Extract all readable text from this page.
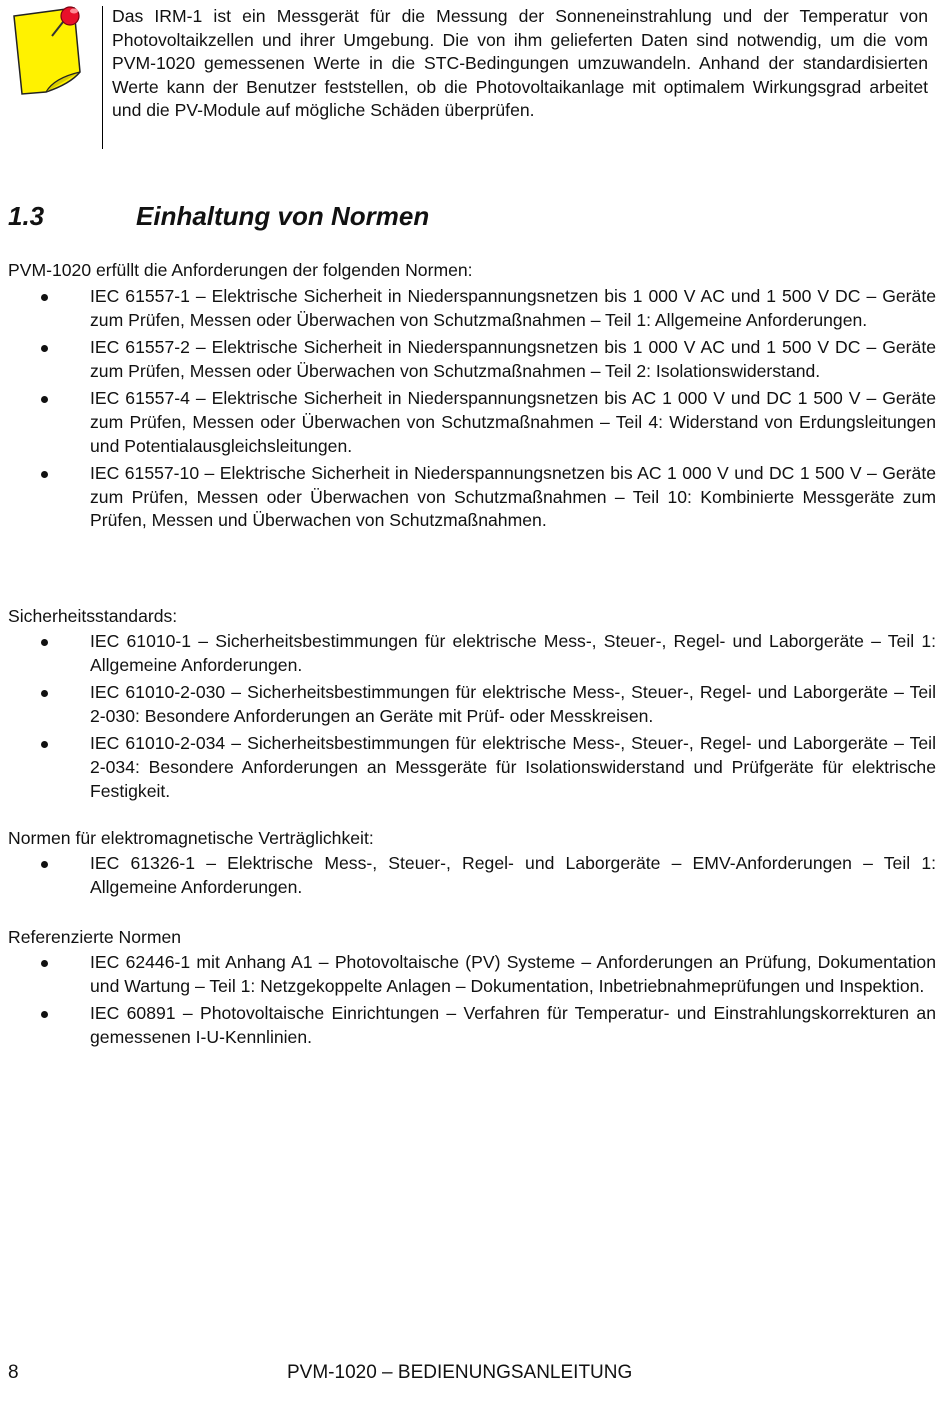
Das IRM-1 ist ein Messgerät für die Messung der Sonneneinstrahlung und der Temperatur von Photovoltaikzellen und ihrer Umgebung. Die von ihm gelieferten Daten sind notwendig, um die vom PVM-1020 gemessenen Werte in die STC-Bedingungen umzuwandeln. Anhand der standardisierten Werte kann der Benutzer feststellen, ob die Photovoltaikanlage mit optimalem Wirkungsgrad arbeitet und die PV-Module auf mögliche Schäden überprüfen.

1.3	Einhaltung von Normen

PVM-1020 erfüllt die Anforderungen der folgenden Normen:

IEC 61557-1 – Elektrische Sicherheit in Niederspannungsnetzen bis 1 000 V AC und 1 500 V DC – Geräte zum Prüfen, Messen oder Überwachen von Schutzmaßnahmen – Teil 1: Allgemeine Anforderungen.
IEC 61557-2 – Elektrische Sicherheit in Niederspannungsnetzen bis 1 000 V AC und 1 500 V DC – Geräte zum Prüfen, Messen oder Überwachen von Schutzmaßnahmen – Teil 2: Isolationswiderstand.
IEC 61557-4 – Elektrische Sicherheit in Niederspannungsnetzen bis AC 1 000 V und DC 1 500 V – Geräte zum Prüfen, Messen oder Überwachen von Schutzmaßnahmen – Teil 4: Widerstand von Erdungsleitungen und Potentialausgleichsleitungen.
IEC 61557-10 – Elektrische Sicherheit in Niederspannungsnetzen bis AC 1 000 V und DC 1 500 V – Geräte zum Prüfen, Messen oder Überwachen von Schutzmaßnahmen – Teil 10: Kombinierte Messgeräte zum Prüfen, Messen und Überwachen von Schutzmaßnahmen.

Sicherheitsstandards:

IEC 61010-1 – Sicherheitsbestimmungen für elektrische Mess-, Steuer-, Regel- und Laborgeräte – Teil 1: Allgemeine Anforderungen.
IEC 61010-2-030 – Sicherheitsbestimmungen für elektrische Mess-, Steuer-, Regel- und Laborgeräte – Teil 2-030: Besondere Anforderungen an Geräte mit Prüf- oder Messkreisen.
IEC 61010-2-034 – Sicherheitsbestimmungen für elektrische Mess-, Steuer-, Regel- und Laborgeräte – Teil 2-034: Besondere Anforderungen an Messgeräte für Isolationswiderstand und Prüfgeräte für elektrische Festigkeit.

Normen für elektromagnetische Verträglichkeit:

IEC 61326-1 – Elektrische Mess-, Steuer-, Regel- und Laborgeräte – EMV-Anforderungen – Teil 1: Allgemeine Anforderungen.

Referenzierte Normen

IEC 62446-1 mit Anhang A1 – Photovoltaische (PV) Systeme – Anforderungen an Prüfung, Dokumentation und Wartung – Teil 1: Netzgekoppelte Anlagen – Dokumentation, Inbetriebnahmeprüfungen und Inspektion.
IEC 60891 – Photovoltaische Einrichtungen – Verfahren für Temperatur- und Einstrahlungskorrekturen an gemessenen I-U-Kennlinien.
8	PVM-1020 – BEDIENUNGSANLEITUNG
